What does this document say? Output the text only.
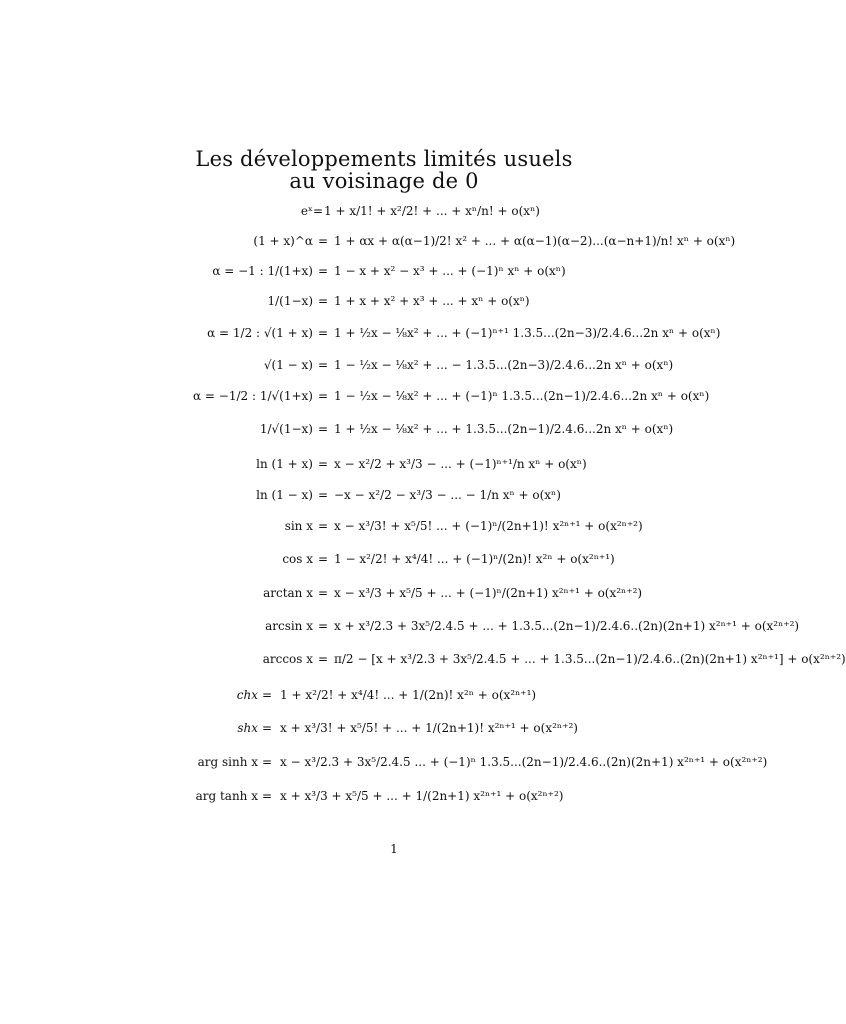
Les développements limités usuels
au voisinage de 0
eˣ = 1 + x/1! + x²/2! + ... + xⁿ/n! + o(xⁿ)
(1 + x)^α = 1 + αx + α(α−1)/2! x² + ... + α(α−1)(α−2)...(α−n+1)/n! xⁿ + o(xⁿ)
α = −1 : 1/(1+x) = 1 − x + x² − x³ + ... + (−1)ⁿ xⁿ + o(xⁿ)
1/(1−x) = 1 + x + x² + x³ + ... + xⁿ + o(xⁿ)
α = 1/2 : √(1 + x) = 1 + ½x − ⅛x² + ... + (−1)ⁿ⁺¹ 1.3.5...(2n−3)/2.4.6...2n xⁿ + o(xⁿ)
√(1 − x) = 1 − ½x − ⅛x² + ... − 1.3.5...(2n−3)/2.4.6...2n xⁿ + o(xⁿ)
α = −1/2 : 1/√(1+x) = 1 − ½x − ⅛x² + ... + (−1)ⁿ 1.3.5...(2n−1)/2.4.6...2n xⁿ + o(xⁿ)
1/√(1−x) = 1 + ½x − ⅛x² + ... + 1.3.5...(2n−1)/2.4.6...2n xⁿ + o(xⁿ)
ln (1 + x) = x − x²/2 + x³/3 − ... + (−1)ⁿ⁺¹/n xⁿ + o(xⁿ)
ln (1 − x) = −x − x²/2 − x³/3 − ... − 1/n xⁿ + o(xⁿ)
sin x = x − x³/3! + x⁵/5! ... + (−1)ⁿ/(2n+1)! x²ⁿ⁺¹ + o(x²ⁿ⁺²)
cos x = 1 − x²/2! + x⁴/4! ... + (−1)ⁿ/(2n)! x²ⁿ + o(x²ⁿ⁺¹)
arctan x = x − x³/3 + x⁵/5 + ... + (−1)ⁿ/(2n+1) x²ⁿ⁺¹ + o(x²ⁿ⁺²)
arcsin x = x + x³/2.3 + 3x⁵/2.4.5 + ... + 1.3.5...(2n−1)/2.4.6..(2n)(2n+1) x²ⁿ⁺¹ + o(x²ⁿ⁺²)
arccos x = π/2 − [x + x³/2.3 + 3x⁵/2.4.5 + ... + 1.3.5...(2n−1)/2.4.6..(2n)(2n+1) x²ⁿ⁺¹] + o(x²ⁿ⁺²)
chx = 1 + x²/2! + x⁴/4! ... + 1/(2n)! x²ⁿ + o(x²ⁿ⁺¹)
shx = x + x³/3! + x⁵/5! + ... + 1/(2n+1)! x²ⁿ⁺¹ + o(x²ⁿ⁺²)
arg sinh x = x − x³/2.3 + 3x⁵/2.4.5 ... + (−1)ⁿ 1.3.5...(2n−1)/2.4.6..(2n)(2n+1) x²ⁿ⁺¹ + o(x²ⁿ⁺²)
arg tanh x = x + x³/3 + x⁵/5 + ... + 1/(2n+1) x²ⁿ⁺¹ + o(x²ⁿ⁺²)
1
